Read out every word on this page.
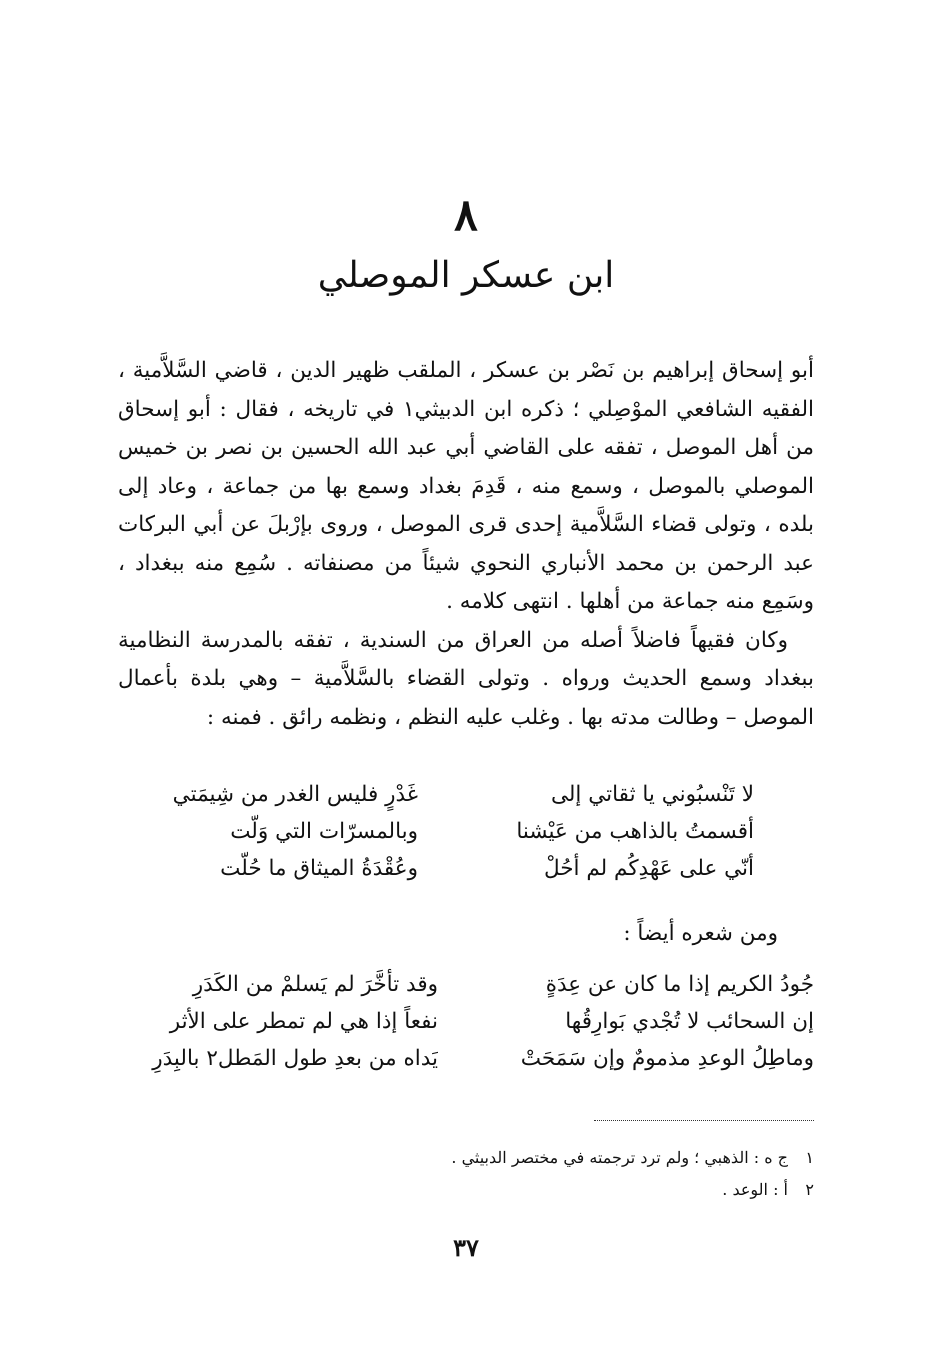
٨
ابن عسكر الموصلي

أبو إسحاق إبراهيم بن نَصْر بن عسكر ، الملقب ظهير الدين ، قاضي السَّلاَّمية ، الفقيه الشافعي الموْصِلي ؛ ذكره ابن الدبيثي١ في تاريخه ، فقال : أبو إسحاق من أهل الموصل ، تفقه على القاضي أبي عبد الله الحسين بن نصر بن خميس الموصلي بالموصل ، وسمع منه ، قَدِمَ بغداد وسمع بها من جماعة ، وعاد إلى بلده ، وتولى قضاء السَّلاَّمية إحدى قرى الموصل ، وروى بإرْبلَ عن أبي البركات عبد الرحمن بن محمد الأنباري النحوي شيئاً من مصنفاته . سُمِع منه ببغداد ، وسَمِع منه جماعة من أهلها . انتهى كلامه .

وكان فقيهاً فاضلاً أصله من العراق من السندية ، تفقه بالمدرسة النظامية ببغداد وسمع الحديث ورواه . وتولى القضاء بالسَّلاَّمية – وهي بلدة بأعمال الموصل – وطالت مدته بها . وغلب عليه النظم ، ونظمه رائق . فمنه :

لا تَنْسبُوني يا ثقاتي إلى
غَدْرٍ فليس الغدر من شِيمَتي
أقسمتُ بالذاهب من عَيْشنا
وبالمسرّات التي وَلّت
أنّي على عَهْدِكُم لم أحُلْ
وعُقْدَةُ الميثاق ما حُلّت
ومن شعره أيضاً :
جُودُ الكريم إذا ما كان عن عِدَةٍ
وقد تأخَّرَ لم يَسلمْ من الكَدَرِ
إن السحائب لا تُجْدي بَوارِقُها
نفعاً إذا هي لم تمطر على الأثر
وماطِلُ الوعدِ مذمومٌ وإن سَمَحَتْ
يَداه من بعدِ طول المَطل٢ بالبِدَرِ
١
ج ه : الذهبي ؛ ولم ترد ترجمته في مختصر الدبيثي .
٢
أ : الوعد .
٣٧
